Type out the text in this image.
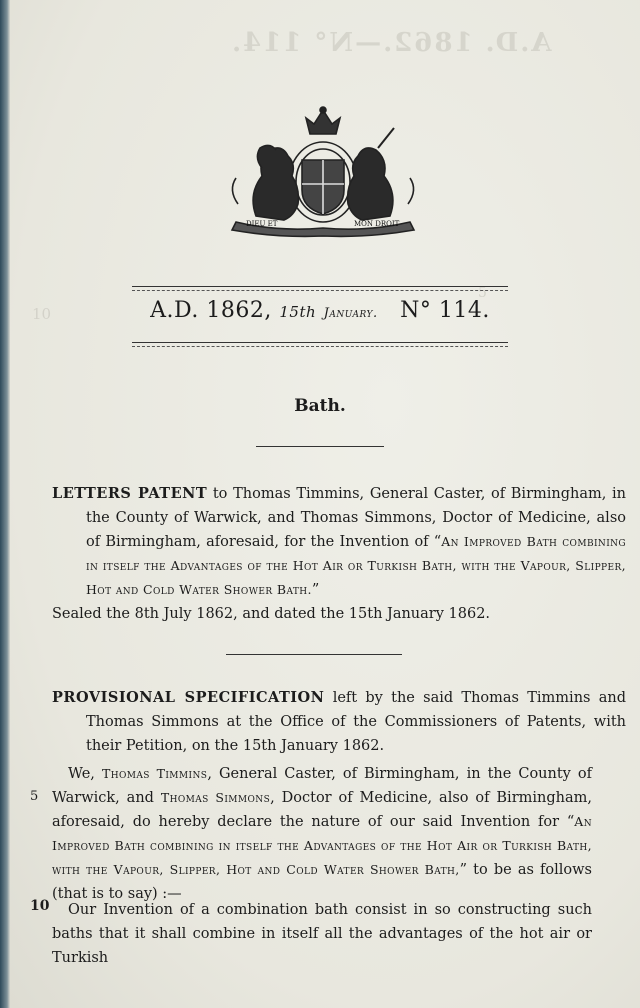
A.D. 1862.—N° 114.
10
5
DIEU ET	MON DROIT
A.D. 1862, 15th January. N° 114.
Bath.
LETTERS PATENT to Thomas Timmins, General Caster, of Birmingham, in the County of Warwick, and Thomas Simmons, Doctor of Medicine, also of Birmingham, aforesaid, for the Invention of “An Improved Bath combining in itself the Advantages of the Hot Air or Turkish Bath, with the Vapour, Slipper, Hot and Cold Water Shower Bath.”
Sealed the 8th July 1862, and dated the 15th January 1862.
PROVISIONAL SPECIFICATION left by the said Thomas Timmins and Thomas Simmons at the Office of the Commissioners of Patents, with their Petition, on the 15th January 1862.
5
10
We, Thomas Timmins, General Caster, of Birmingham, in the County of Warwick, and Thomas Simmons, Doctor of Medicine, also of Birmingham, aforesaid, do hereby declare the nature of our said Invention for “An Improved Bath combining in itself the Advantages of the Hot Air or Turkish Bath, with the Vapour, Slipper, Hot and Cold Water Shower Bath,” to be as follows (that is to say) :—
Our Invention of a combination bath consist in so constructing such baths that it shall combine in itself all the advantages of the hot air or Turkish
